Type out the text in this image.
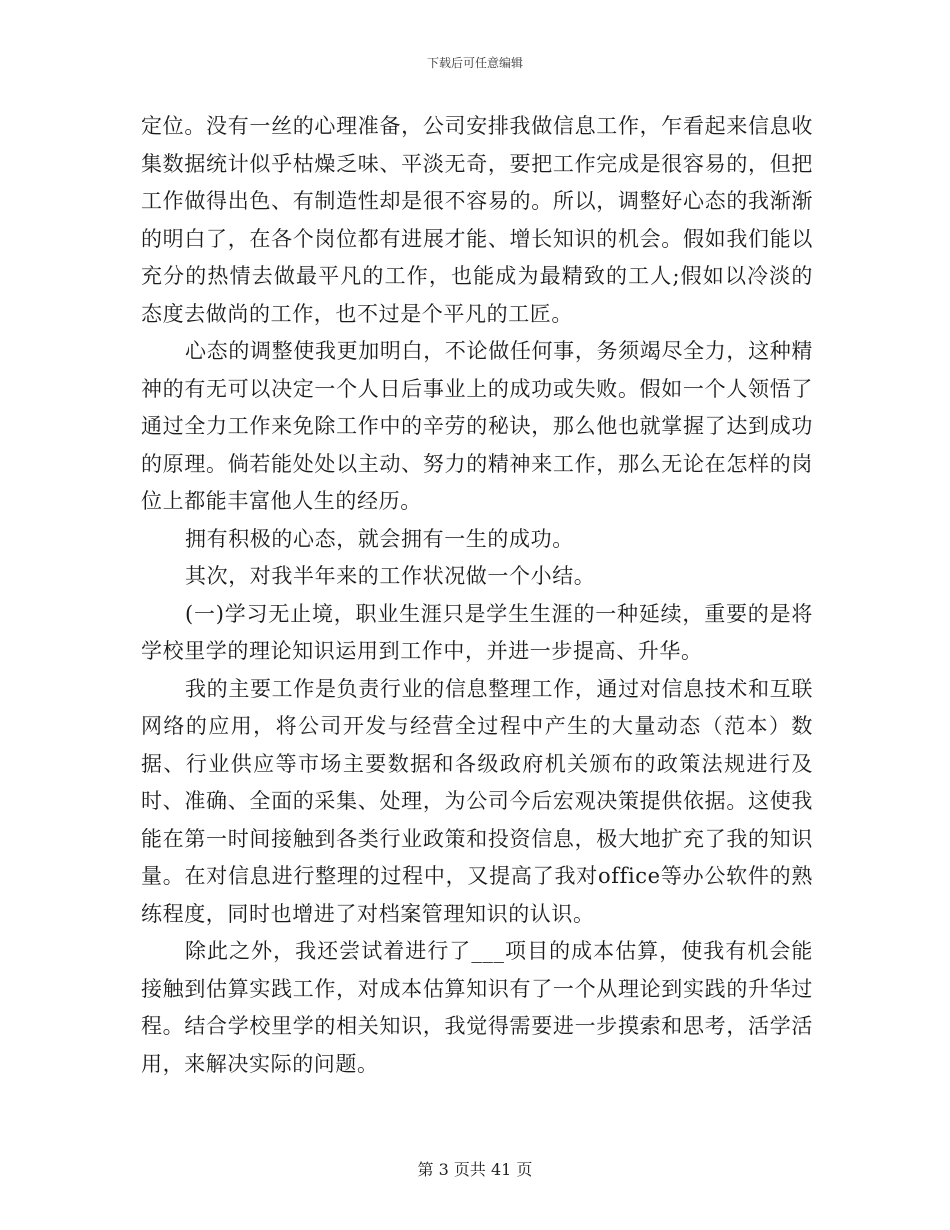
下载后可任意编辑

定位。没有一丝的心理准备，公司安排我做信息工作，乍看起来信息收集数据统计似乎枯燥乏味、平淡无奇，要把工作完成是很容易的，但把工作做得出色、有制造性却是很不容易的。所以，调整好心态的我渐渐的明白了，在各个岗位都有进展才能、增长知识的机会。假如我们能以充分的热情去做最平凡的工作，也能成为最精致的工人;假如以冷淡的态度去做尚的工作，也不过是个平凡的工匠。

心态的调整使我更加明白，不论做任何事，务须竭尽全力，这种精神的有无可以决定一个人日后事业上的成功或失败。假如一个人领悟了通过全力工作来免除工作中的辛劳的秘诀，那么他也就掌握了达到成功的原理。倘若能处处以主动、努力的精神来工作，那么无论在怎样的岗位上都能丰富他人生的经历。

拥有积极的心态，就会拥有一生的成功。

其次，对我半年来的工作状况做一个小结。

(一)学习无止境，职业生涯只是学生生涯的一种延续，重要的是将学校里学的理论知识运用到工作中，并进一步提高、升华。

我的主要工作是负责行业的信息整理工作，通过对信息技术和互联网络的应用，将公司开发与经营全过程中产生的大量动态（范本）数据、行业供应等市场主要数据和各级政府机关颁布的政策法规进行及时、准确、全面的采集、处理，为公司今后宏观决策提供依据。这使我能在第一时间接触到各类行业政策和投资信息，极大地扩充了我的知识量。在对信息进行整理的过程中，又提高了我对office等办公软件的熟练程度，同时也增进了对档案管理知识的认识。

除此之外，我还尝试着进行了___项目的成本估算，使我有机会能接触到估算实践工作，对成本估算知识有了一个从理论到实践的升华过程。结合学校里学的相关知识，我觉得需要进一步摸索和思考，活学活用，来解决实际的问题。

第 3 页共 41 页
